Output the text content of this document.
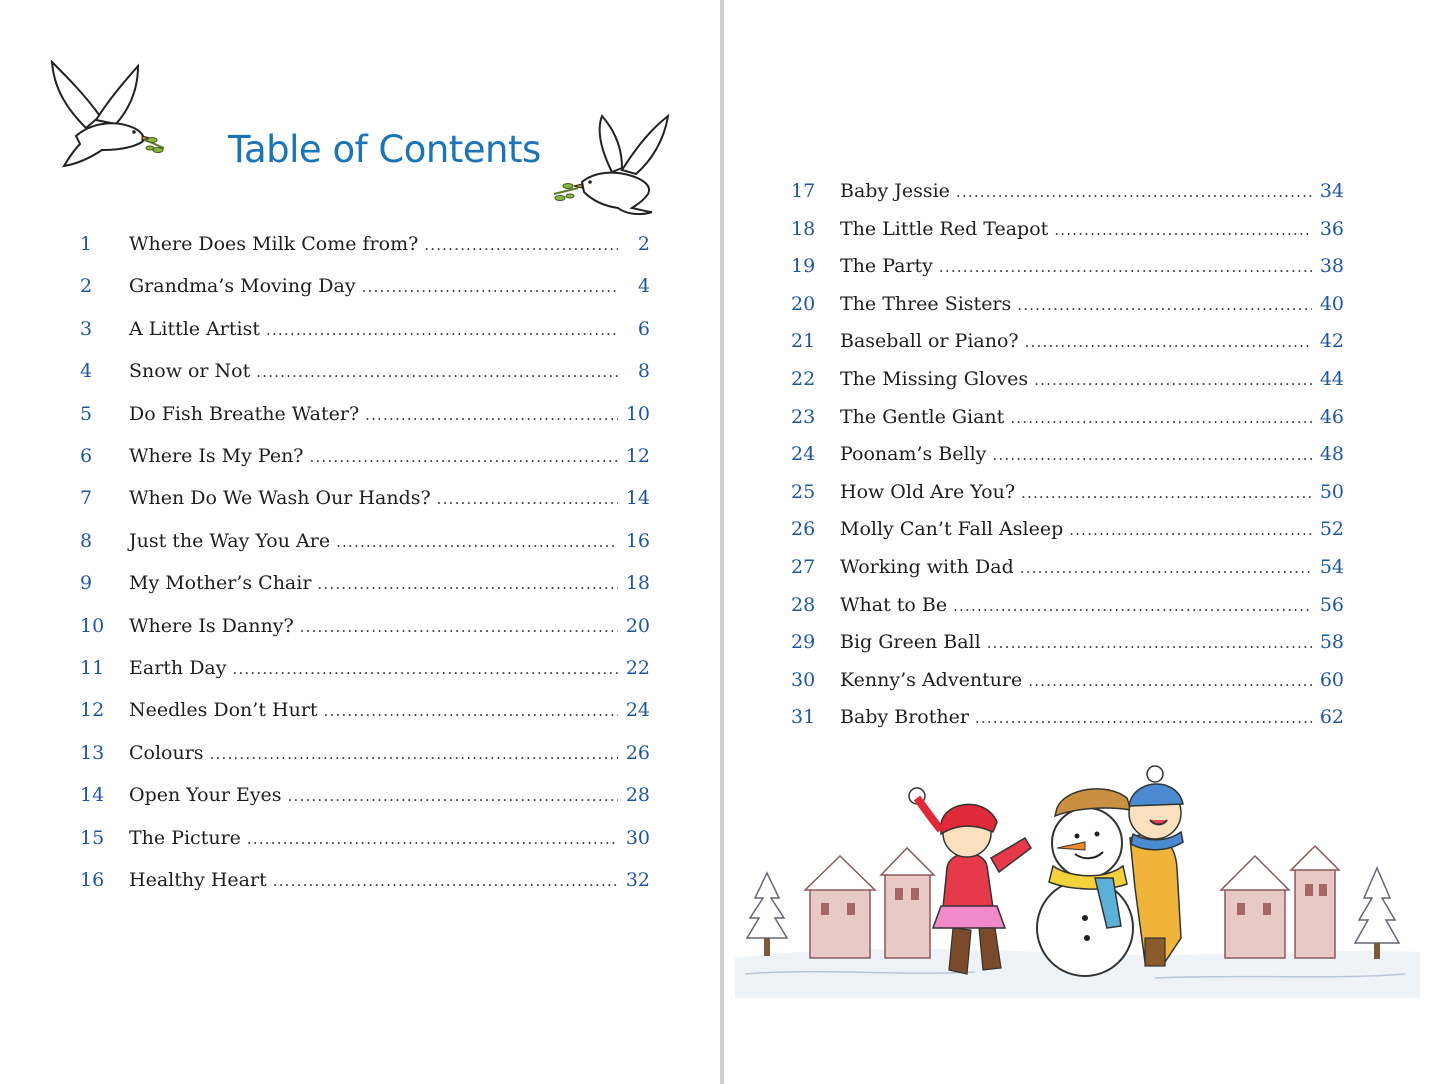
Table of Contents
1	Where Does Milk Come from? .....	2
2	Grandma’s Moving Day .....	4
3	A Little Artist .....	6
4	Snow or Not .....	8
5	Do Fish Breathe Water? .....	10
6	Where Is My Pen? .....	12
7	When Do We Wash Our Hands? .....	14
8	Just the Way You Are .....	16
9	My Mother’s Chair .....	18
10	Where Is Danny? .....	20
11	Earth Day .....	22
12	Needles Don’t Hurt .....	24
13	Colours .....	26
14	Open Your Eyes .....	28
15	The Picture .....	30
16	Healthy Heart .....	32
17	Baby Jessie .....	34
18	The Little Red Teapot .....	36
19	The Party .....	38
20	The Three Sisters .....	40
21	Baseball or Piano? .....	42
22	The Missing Gloves .....	44
23	The Gentle Giant .....	46
24	Poonam’s Belly .....	48
25	How Old Are You? .....	50
26	Molly Can’t Fall Asleep .....	52
27	Working with Dad .....	54
28	What to Be .....	56
29	Big Green Ball .....	58
30	Kenny’s Adventure .....	60
31	Baby Brother .....	62
